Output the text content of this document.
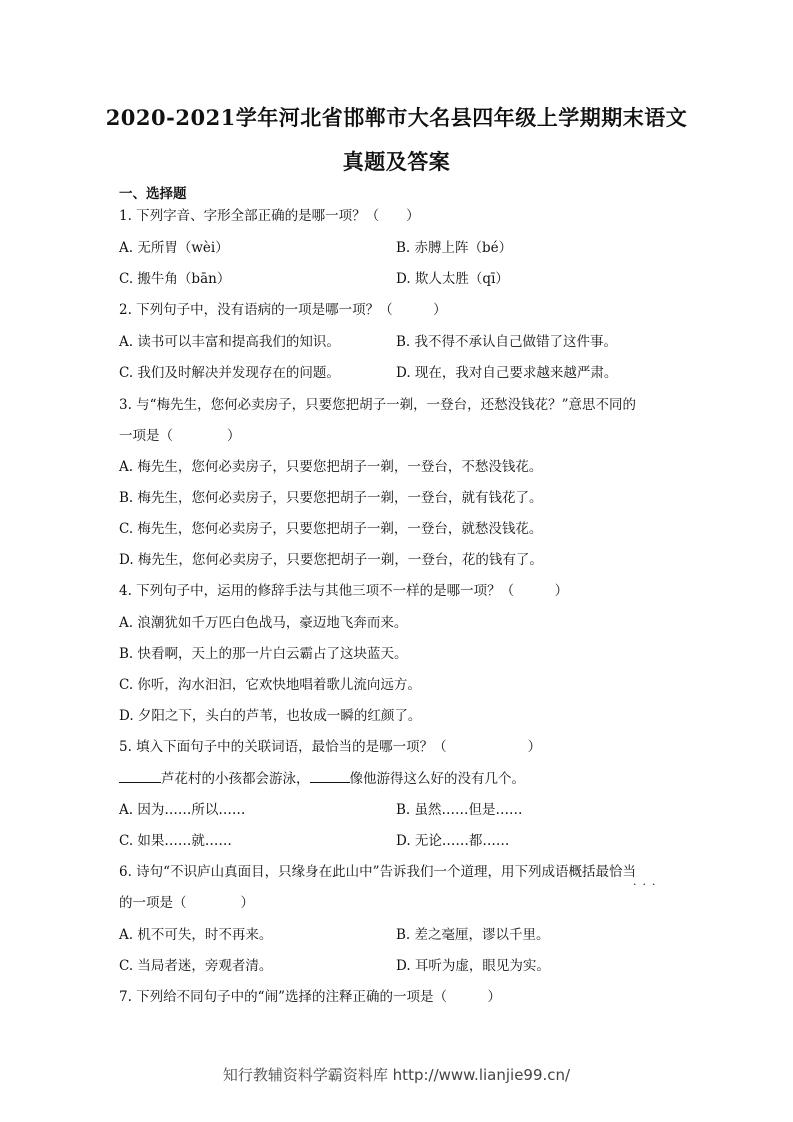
2020-2021学年河北省邯郸市大名县四年级上学期期末语文
真题及答案
一、选择题
1. 下列字音、字形全部正确的是哪一项？（　　）
A. 无所胃（wèi）	B. 赤膊上阵（bé）
C. 搬牛角（bān）	D. 欺人太胜（qī）
2. 下列句子中，没有语病的一项是哪一项？（　　　）
A. 读书可以丰富和提高我们的知识。	B. 我不得不承认自己做错了这件事。
C. 我们及时解决并发现存在的问题。	D. 现在，我对自己要求越来越严肃。
3. 与“梅先生，您何必卖房子，只要您把胡子一剃，一登台，还愁没钱花？”意思不同的
一项是（　　　　）
A. 梅先生，您何必卖房子，只要您把胡子一剃，一登台，不愁没钱花。
B. 梅先生，您何必卖房子，只要您把胡子一剃，一登台，就有钱花了。
C. 梅先生，您何必卖房子，只要您把胡子一剃，一登台，就愁没钱花。
D. 梅先生，您何必卖房子，只要您把胡子一剃，一登台，花的钱有了。
4. 下列句子中，运用的修辞手法与其他三项不一样的是哪一项？（　　　）
A. 浪潮犹如千万匹白色战马，豪迈地飞奔而来。
B. 快看啊，天上的那一片白云霸占了这块蓝天。
C. 你听，沟水汩汩，它欢快地唱着歌儿流向远方。
D. 夕阳之下，头白的芦苇，也妆成一瞬的红颜了。
5. 填入下面句子中的关联词语，最恰当的是哪一项？（　　　　　　）
芦花村的小孩都会游泳，	像他游得这么好的没有几个。
A. 因为……所以……	B. 虽然……但是……
C. 如果……就……	D. 无论……都……
6. 诗句“不识庐山真面目，只缘身在此山中”告诉我们一个道理，用下列成语概括最恰当
···
的一项是（　　　　）
A. 机不可失，时不再来。	B. 差之毫厘，谬以千里。
C. 当局者迷，旁观者清。	D. 耳听为虚，眼见为实。
7. 下列给不同句子中的“闹”选择的注释正确的一项是（　　　）
知行教辅资料学霸资料库 http://www.lianjie99.cn/
